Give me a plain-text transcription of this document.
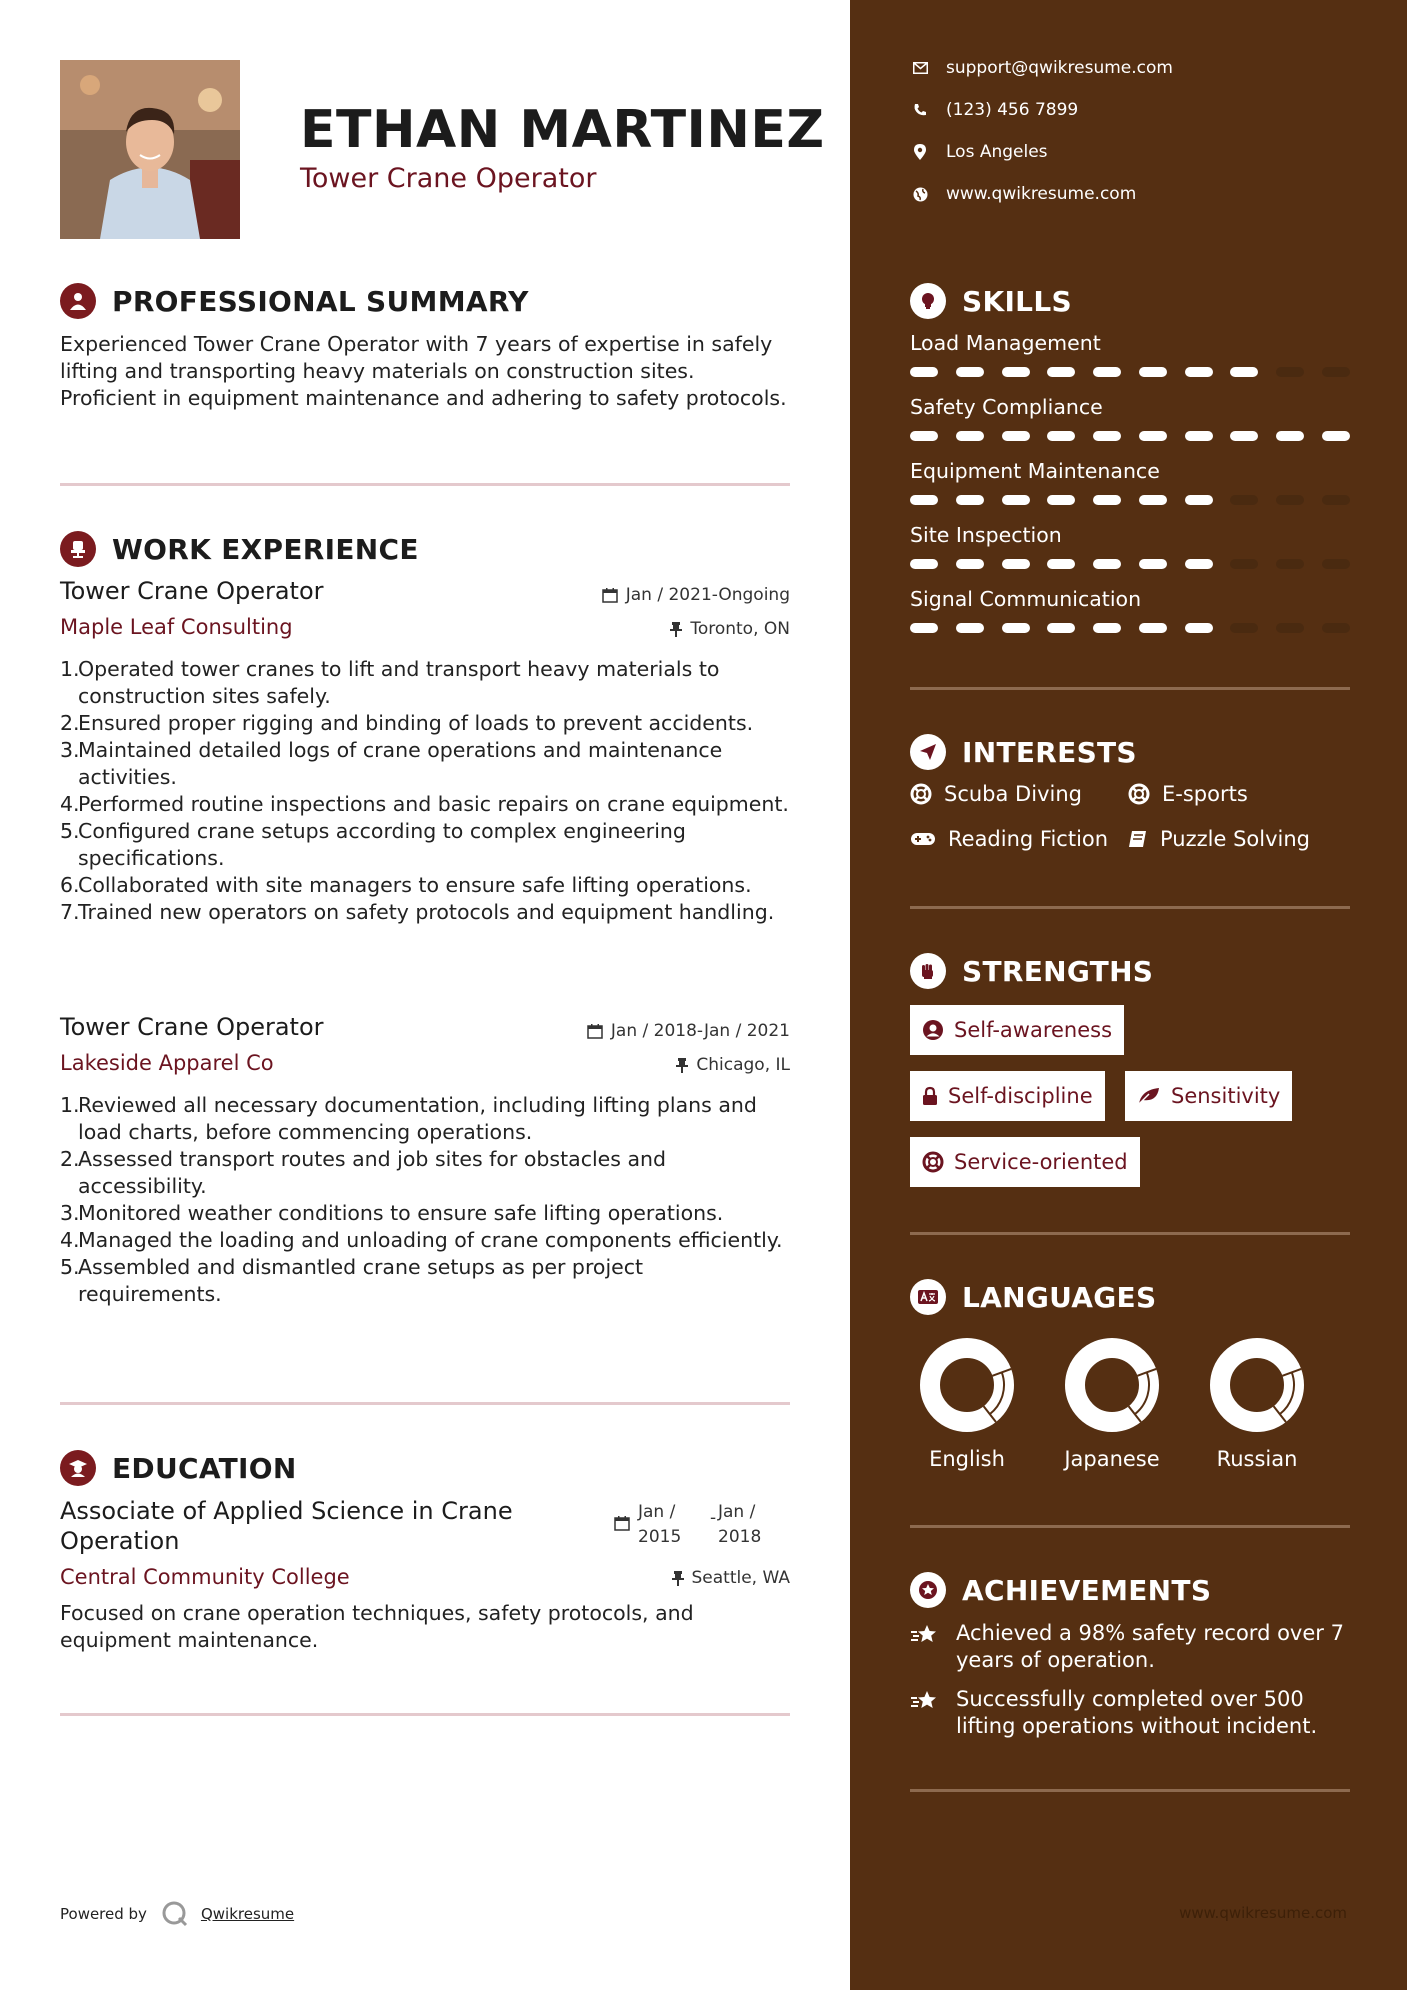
ETHAN MARTINEZ
Tower Crane Operator
PROFESSIONAL SUMMARY
Experienced Tower Crane Operator with 7 years of expertise in safely lifting and transporting heavy materials on construction sites. Proficient in equipment maintenance and adhering to safety protocols.
WORK EXPERIENCE
Tower Crane Operator	Jan / 2021-Ongoing
Maple Leaf Consulting	Toronto, ON
1.
Operated tower cranes to lift and transport heavy materials to construction sites safely.
2.
Ensured proper rigging and binding of loads to prevent accidents.
3.
Maintained detailed logs of crane operations and maintenance activities.
4.
Performed routine inspections and basic repairs on crane equipment.
5.
Configured crane setups according to complex engineering specifications.
6.
Collaborated with site managers to ensure safe lifting operations.
7.
Trained new operators on safety protocols and equipment handling.
Tower Crane Operator	Jan / 2018-Jan / 2021
Lakeside Apparel Co	Chicago, IL
1.
Reviewed all necessary documentation, including lifting plans and load charts, before commencing operations.
2.
Assessed transport routes and job sites for obstacles and accessibility.
3.
Monitored weather conditions to ensure safe lifting operations.
4.
Managed the loading and unloading of crane components efficiently.
5.
Assembled and dismantled crane setups as per project requirements.
EDUCATION
Associate of Applied Science in Crane
Operation
Jan /
2015
- Jan /
2018
Central Community College	Seattle, WA
Focused on crane operation techniques, safety protocols, and equipment maintenance.
Powered by	Qwikresume
support@qwikresume.com
(123) 456 7899
Los Angeles
www.qwikresume.com
SKILLS
Load Management
Safety Compliance
Equipment Maintenance
Site Inspection
Signal Communication
INTERESTS
Scuba Diving	E-sports
Reading Fiction Puzzle Solving
STRENGTHS
Self-awareness
Self-discipline	Sensitivity
Service-oriented
LANGUAGES
English	Japanese	Russian
ACHIEVEMENTS
Achieved a 98% safety record over 7 years of operation.
Successfully completed over 500 lifting operations without incident.
www.qwikresume.com
